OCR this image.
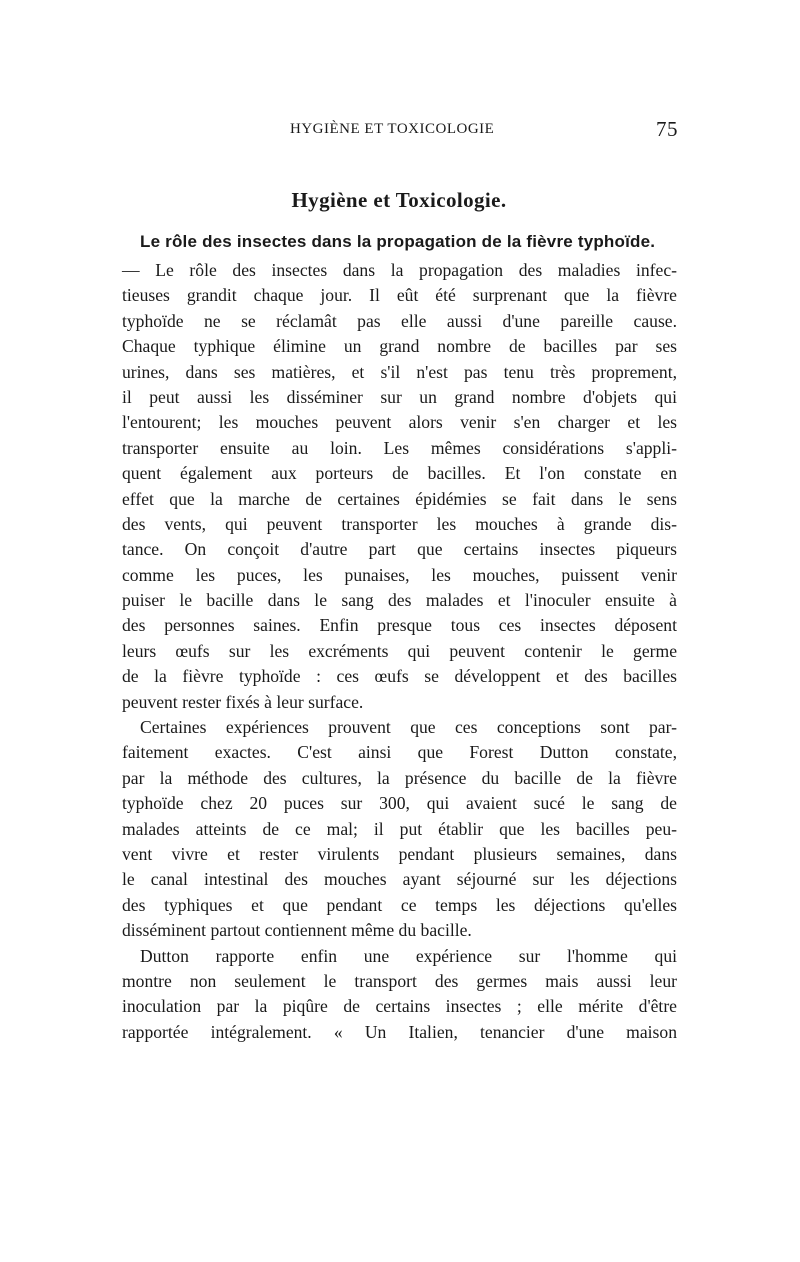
HYGIÈNE ET TOXICOLOGIE	75
Hygiène et Toxicologie.
Le rôle des insectes dans la propagation de la fièvre typhoïde.
— Le rôle des insectes dans la propagation des maladies infec-
tieuses grandit chaque jour. Il eût été surprenant que la fièvre
typhoïde ne se réclamât pas elle aussi d'une pareille cause.
Chaque typhique élimine un grand nombre de bacilles par ses
urines, dans ses matières, et s'il n'est pas tenu très proprement,
il peut aussi les disséminer sur un grand nombre d'objets qui
l'entourent; les mouches peuvent alors venir s'en charger et les
transporter ensuite au loin. Les mêmes considérations s'appli-
quent également aux porteurs de bacilles. Et l'on constate en
effet que la marche de certaines épidémies se fait dans le sens
des vents, qui peuvent transporter les mouches à grande dis-
tance. On conçoit d'autre part que certains insectes piqueurs
comme les puces, les punaises, les mouches, puissent venir
puiser le bacille dans le sang des malades et l'inoculer ensuite à
des personnes saines. Enfin presque tous ces insectes déposent
leurs œufs sur les excréments qui peuvent contenir le germe
de la fièvre typhoïde : ces œufs se développent et des bacilles
peuvent rester fixés à leur surface.
Certaines expériences prouvent que ces conceptions sont par-
faitement exactes. C'est ainsi que Forest Dutton constate,
par la méthode des cultures, la présence du bacille de la fièvre
typhoïde chez 20 puces sur 300, qui avaient sucé le sang de
malades atteints de ce mal; il put établir que les bacilles peu-
vent vivre et rester virulents pendant plusieurs semaines, dans
le canal intestinal des mouches ayant séjourné sur les déjections
des typhiques et que pendant ce temps les déjections qu'elles
disséminent partout contiennent même du bacille.
Dutton rapporte enfin une expérience sur l'homme qui
montre non seulement le transport des germes mais aussi leur
inoculation par la piqûre de certains insectes ; elle mérite d'être
rapportée intégralement. « Un Italien, tenancier d'une maison
